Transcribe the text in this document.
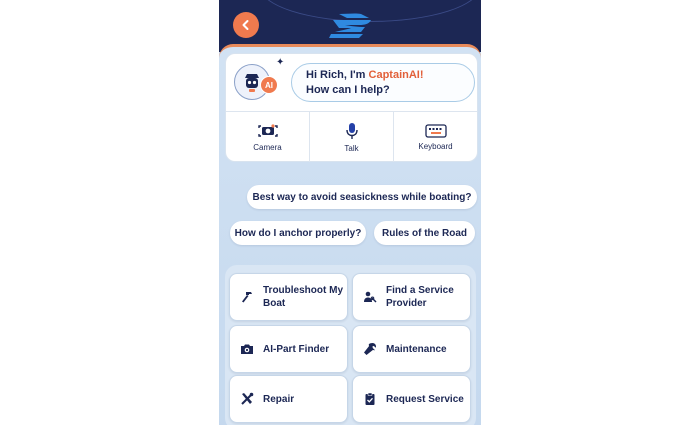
AI
✦
Hi Rich, I'm CaptainAI!
How can I help?
Camera	Talk	Keyboard
Best way to avoid seasickness while boating?
How do I anchor properly?	Rules of the Road
Troubleshoot My Boat
Find a Service Provider
AI-Part Finder	Maintenance
Repair	Request Service
